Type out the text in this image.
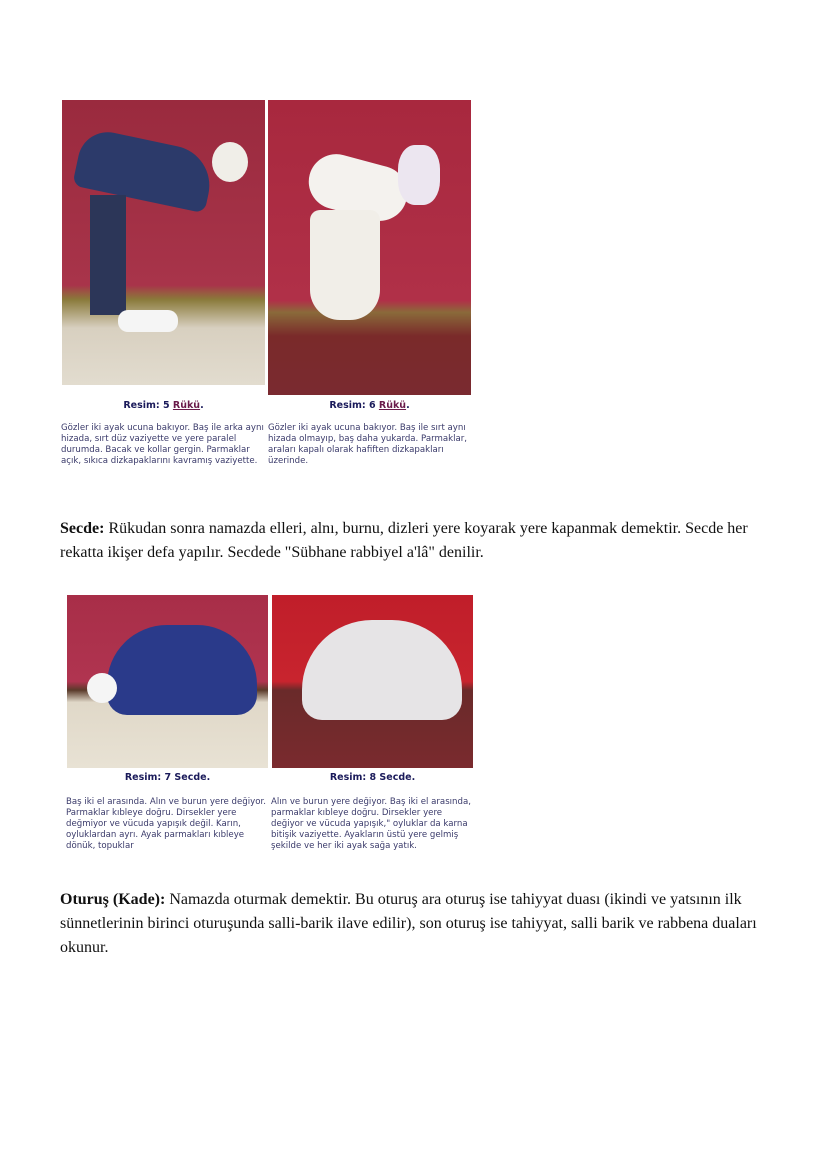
Resim: 5 Rükü.	Resim: 6 Rükü.
Gözler iki ayak ucuna bakıyor. Baş ile arka aynı hizada, sırt düz vaziyette ve yere paralel durumda. Bacak ve kollar gergin. Parmaklar açık, sıkıca dizkapaklarını kavramış vaziyette.
Gözler iki ayak ucuna bakıyor. Baş ile sırt aynı hizada olmayıp, baş daha yukarda. Parmaklar, araları kapalı olarak hafiften dizkapakları üzerinde.

Secde: Rükudan sonra namazda elleri, alnı, burnu, dizleri yere koyarak yere kapanmak demektir. Secde her rekatta ikişer defa yapılır. Secdede "Sübhane rabbiyel a'lâ" denilir.

Resim: 7 Secde.	Resim: 8 Secde.
Baş iki el arasında. Alın ve burun yere değiyor. Parmaklar kıbleye doğru. Dirsekler yere değmiyor ve vücuda yapışık değil. Karın, oyluklardan ayrı. Ayak parmakları kıbleye dönük, topuklar
Alın ve burun yere değiyor. Baş iki el arasında, parmaklar kıbleye doğru. Dirsekler yere değiyor ve vücuda yapışık," oyluklar da karna bitişik vaziyette. Ayakların üstü yere gelmiş şekilde ve her iki ayak sağa yatık.

Oturuş (Kade): Namazda oturmak demektir. Bu oturuş ara oturuş ise tahiyyat duası (ikindi ve yatsının ilk sünnetlerinin birinci oturuşunda salli-barik ilave edilir), son oturuş ise tahiyyat, salli barik ve rabbena duaları okunur.
